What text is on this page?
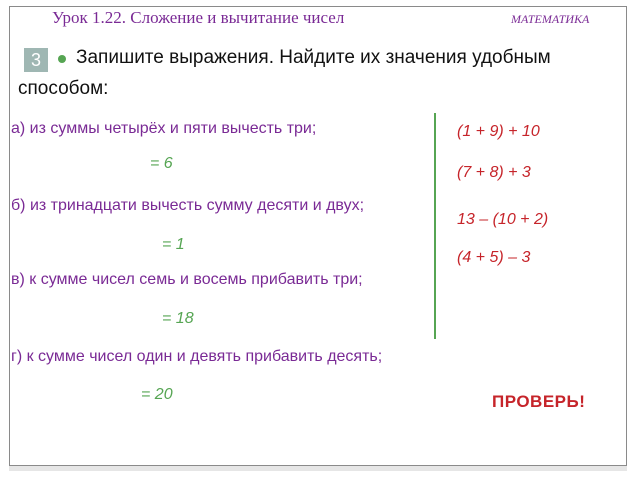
Урок 1.22. Сложение и вычитание чисел	МАТЕМАТИКА
3	Запишите выражения. Найдите их значения удобным
способом:
а) из суммы четырёх и пяти вычесть три;
= 6
б) из тринадцати вычесть сумму десяти и двух;
= 1
в) к сумме чисел семь и восемь прибавить три;
= 18
г) к сумме чисел один и девять прибавить десять;
= 20
(1 + 9) + 10
(7 + 8) + 3
13 – (10 + 2)
(4 + 5) – 3
ПРОВЕРЬ!
